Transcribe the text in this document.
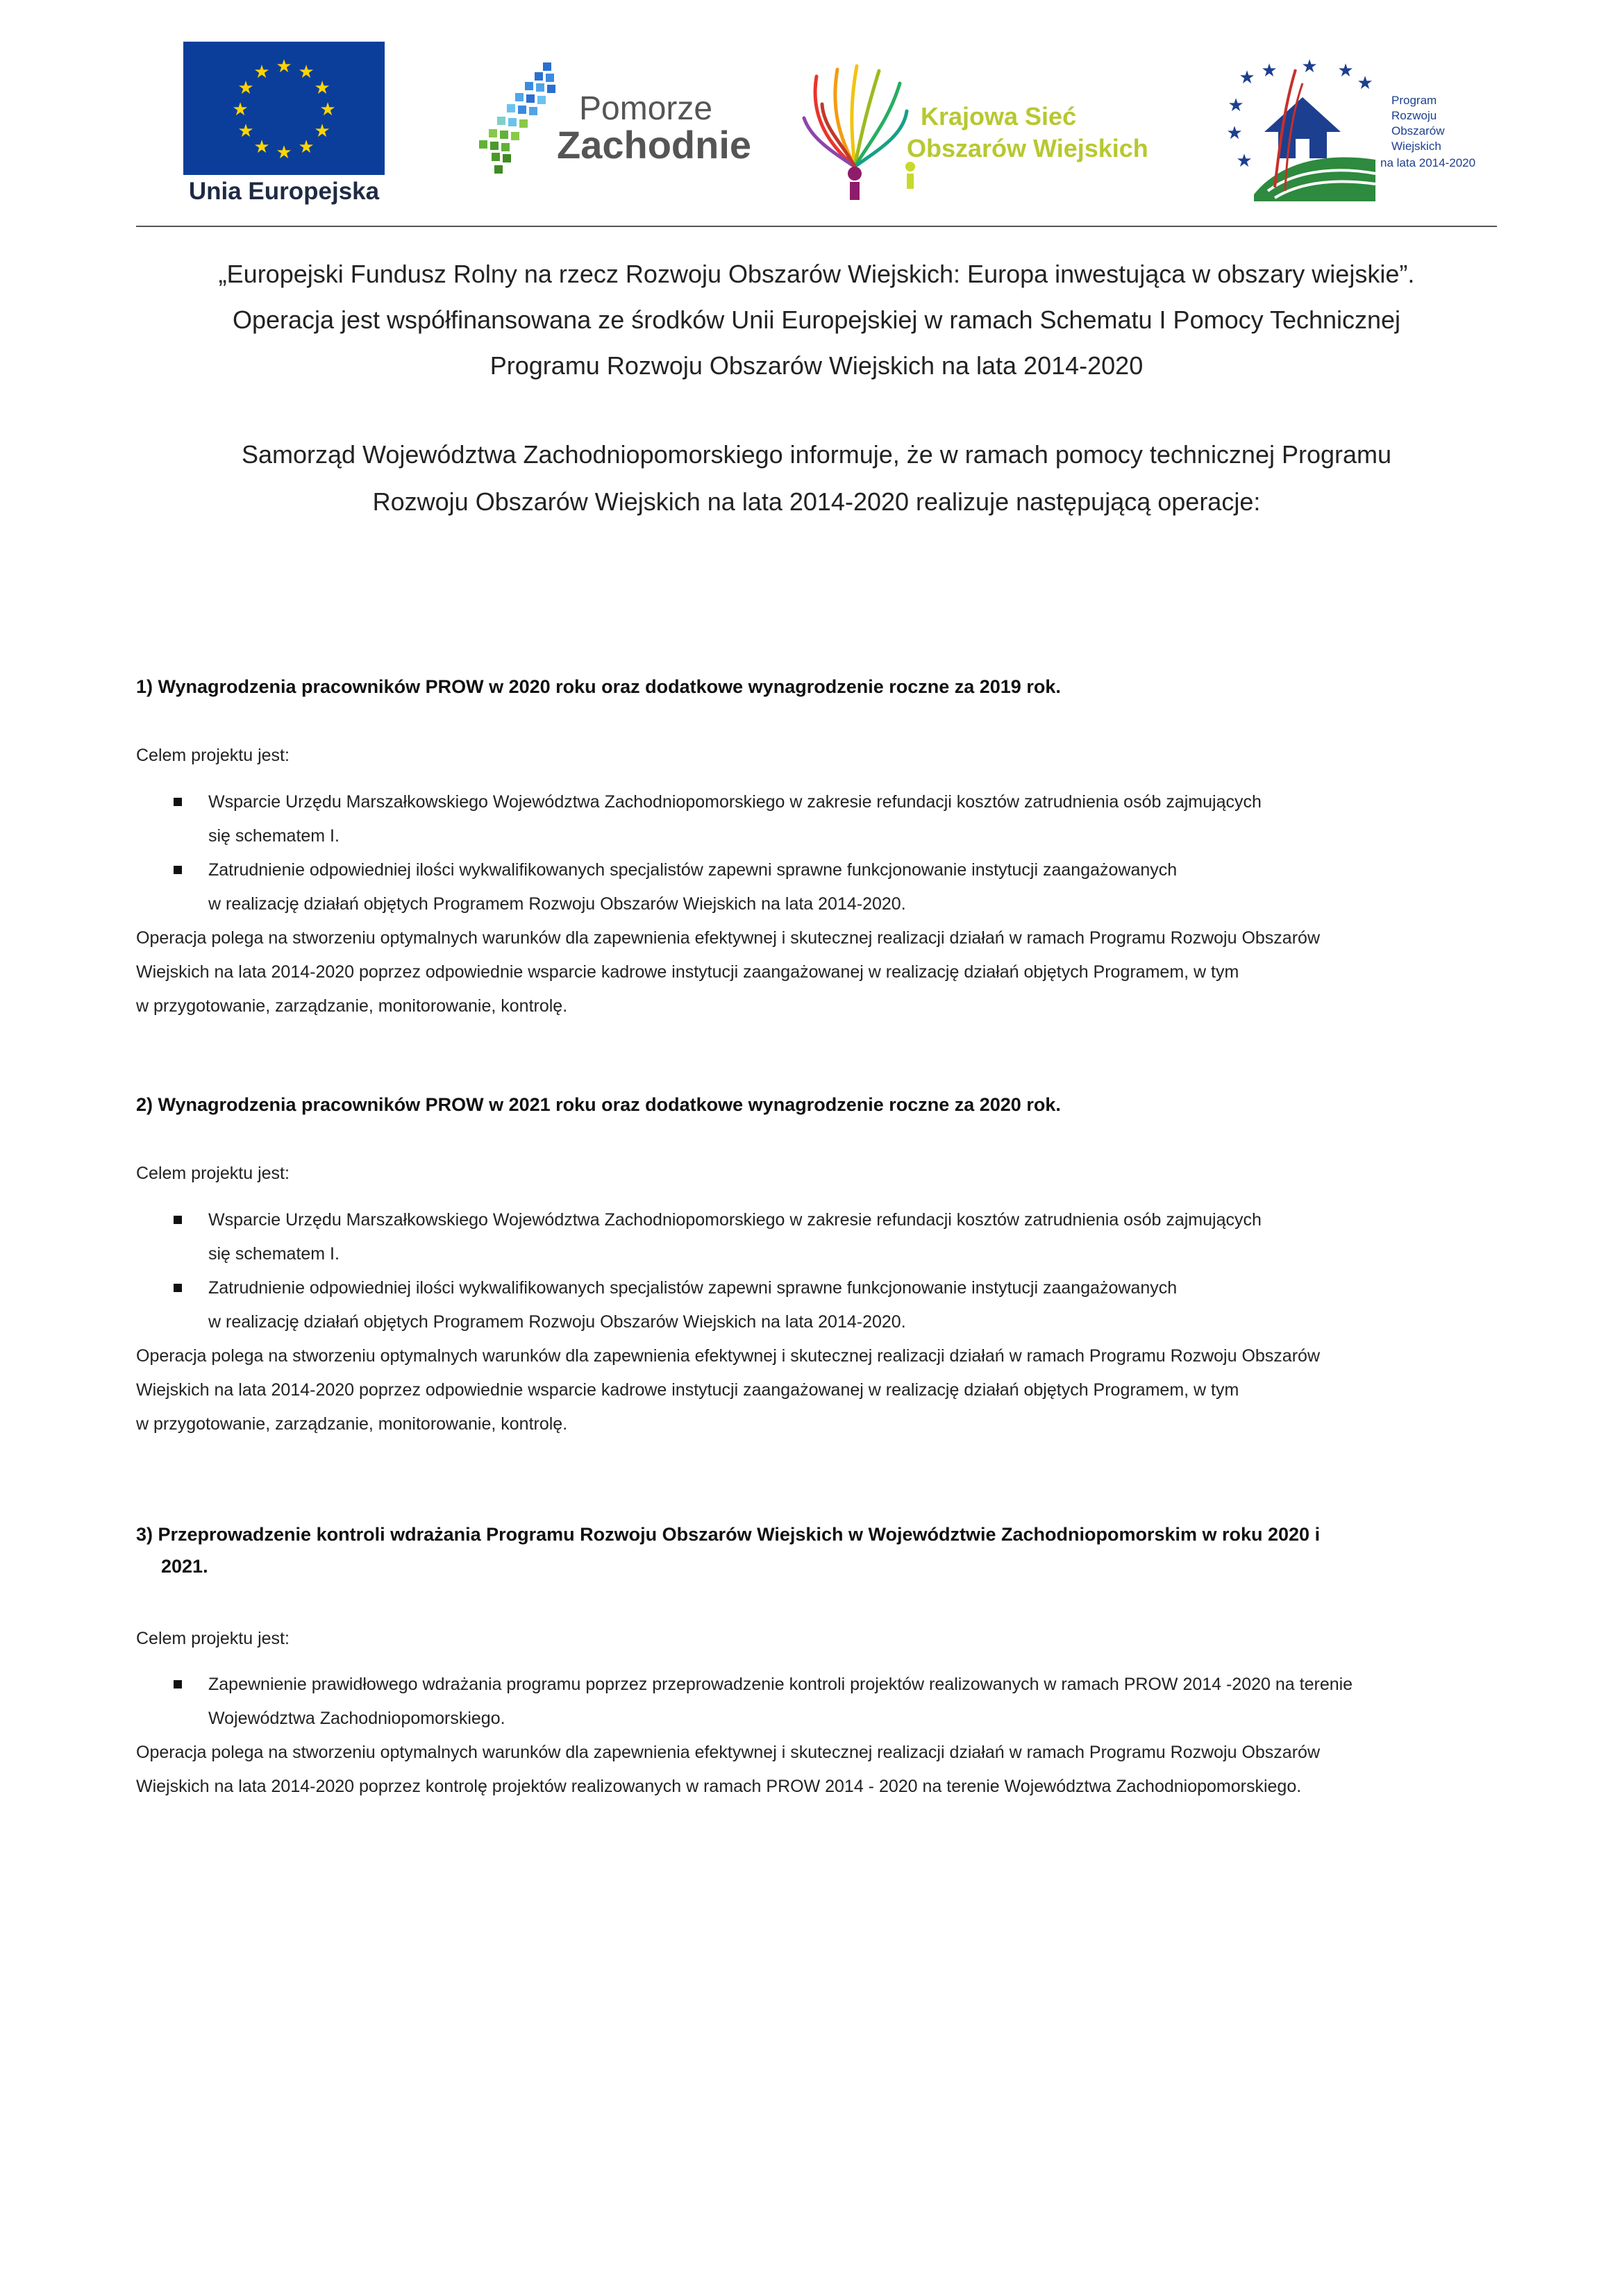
★ ★
★
★
★
★
★
★
★
★
★
★
Unia Europejska
Pomorze
Zachodnie
Krajowa Sieć
Obszarów Wiejskich
★ ★ ★ ★
★
★
★
★
Program
Rozwoju
Obszarów
Wiejskich
na lata 2014-2020
„Europejski Fundusz Rolny na rzecz Rozwoju Obszarów Wiejskich: Europa inwestująca w obszary wiejskie”.
Operacja jest współfinansowana ze środków Unii Europejskiej w ramach Schematu I Pomocy Technicznej
Programu Rozwoju Obszarów Wiejskich na lata 2014-2020
Samorząd Województwa Zachodniopomorskiego informuje, że w ramach pomocy technicznej Programu
Rozwoju Obszarów Wiejskich na lata 2014-2020 realizuje następującą operacje:
1) Wynagrodzenia pracowników PROW w 2020 roku oraz dodatkowe wynagrodzenie roczne za 2019 rok.
Celem projektu jest:
Wsparcie Urzędu Marszałkowskiego Województwa Zachodniopomorskiego w zakresie refundacji kosztów zatrudnienia osób zajmujących
się schematem I.
Zatrudnienie odpowiedniej ilości wykwalifikowanych specjalistów zapewni sprawne funkcjonowanie instytucji zaangażowanych
w realizację działań objętych Programem Rozwoju Obszarów Wiejskich na lata 2014-2020.
Operacja polega na stworzeniu optymalnych warunków dla zapewnienia efektywnej i skutecznej realizacji działań w ramach Programu Rozwoju Obszarów
Wiejskich na lata 2014-2020 poprzez odpowiednie wsparcie kadrowe instytucji zaangażowanej w realizację działań objętych Programem, w tym
w przygotowanie, zarządzanie, monitorowanie, kontrolę.
2) Wynagrodzenia pracowników PROW w 2021 roku oraz dodatkowe wynagrodzenie roczne za 2020 rok.
Celem projektu jest:
Wsparcie Urzędu Marszałkowskiego Województwa Zachodniopomorskiego w zakresie refundacji kosztów zatrudnienia osób zajmujących
się schematem I.
Zatrudnienie odpowiedniej ilości wykwalifikowanych specjalistów zapewni sprawne funkcjonowanie instytucji zaangażowanych
w realizację działań objętych Programem Rozwoju Obszarów Wiejskich na lata 2014-2020.
Operacja polega na stworzeniu optymalnych warunków dla zapewnienia efektywnej i skutecznej realizacji działań w ramach Programu Rozwoju Obszarów
Wiejskich na lata 2014-2020 poprzez odpowiednie wsparcie kadrowe instytucji zaangażowanej w realizację działań objętych Programem, w tym
w przygotowanie, zarządzanie, monitorowanie, kontrolę.
3) Przeprowadzenie kontroli wdrażania Programu Rozwoju Obszarów Wiejskich w Województwie Zachodniopomorskim w roku 2020 i
2021.
Celem projektu jest:
Zapewnienie prawidłowego wdrażania programu poprzez przeprowadzenie kontroli projektów realizowanych w ramach PROW 2014 -2020 na terenie
Województwa Zachodniopomorskiego.
Operacja polega na stworzeniu optymalnych warunków dla zapewnienia efektywnej i skutecznej realizacji działań w ramach Programu Rozwoju Obszarów
Wiejskich na lata 2014-2020 poprzez kontrolę projektów realizowanych w ramach PROW 2014 - 2020 na terenie Województwa Zachodniopomorskiego.
